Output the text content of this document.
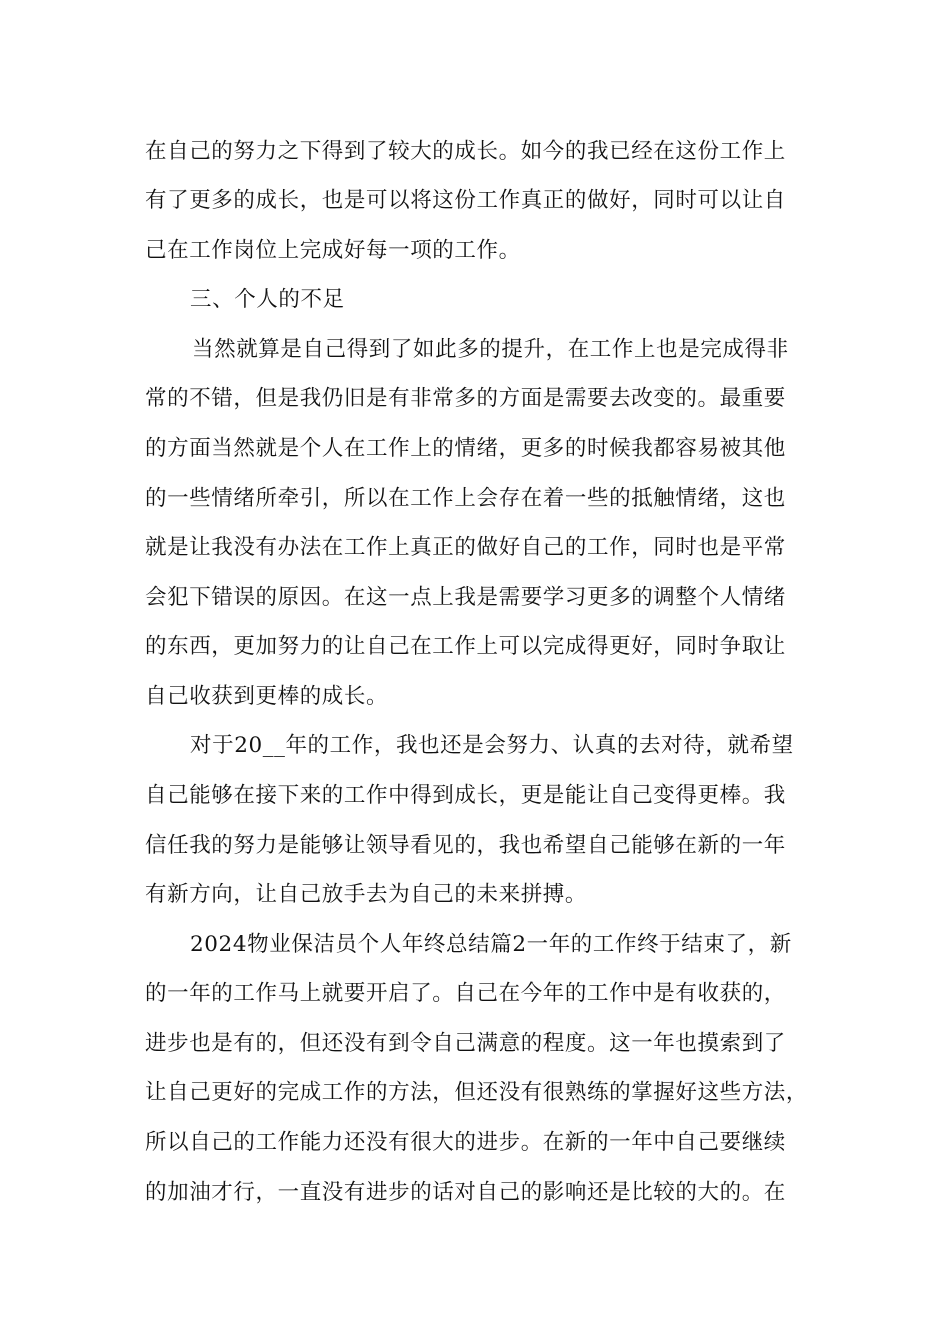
在自己的努力之下得到了较大的成长。如今的我已经在这份工作上
有了更多的成长，也是可以将这份工作真正的做好，同时可以让自
己在工作岗位上完成好每一项的工作。
三、个人的不足
当然就算是自己得到了如此多的提升，在工作上也是完成得非
常的不错，但是我仍旧是有非常多的方面是需要去改变的。最重要
的方面当然就是个人在工作上的情绪，更多的时候我都容易被其他
的一些情绪所牵引，所以在工作上会存在着一些的抵触情绪，这也
就是让我没有办法在工作上真正的做好自己的工作，同时也是平常
会犯下错误的原因。在这一点上我是需要学习更多的调整个人情绪
的东西，更加努力的让自己在工作上可以完成得更好，同时争取让
自己收获到更棒的成长。
对于20__年的工作，我也还是会努力、认真的去对待，就希望
自己能够在接下来的工作中得到成长，更是能让自己变得更棒。我
信任我的努力是能够让领导看见的，我也希望自己能够在新的一年
有新方向，让自己放手去为自己的未来拼搏。
2024物业保洁员个人年终总结篇2一年的工作终于结束了，新
的一年的工作马上就要开启了。自己在今年的工作中是有收获的，
进步也是有的，但还没有到令自己满意的程度。这一年也摸索到了
让自己更好的完成工作的方法，但还没有很熟练的掌握好这些方法，
所以自己的工作能力还没有很大的进步。在新的一年中自己要继续
的加油才行，一直没有进步的话对自己的影响还是比较的大的。在
